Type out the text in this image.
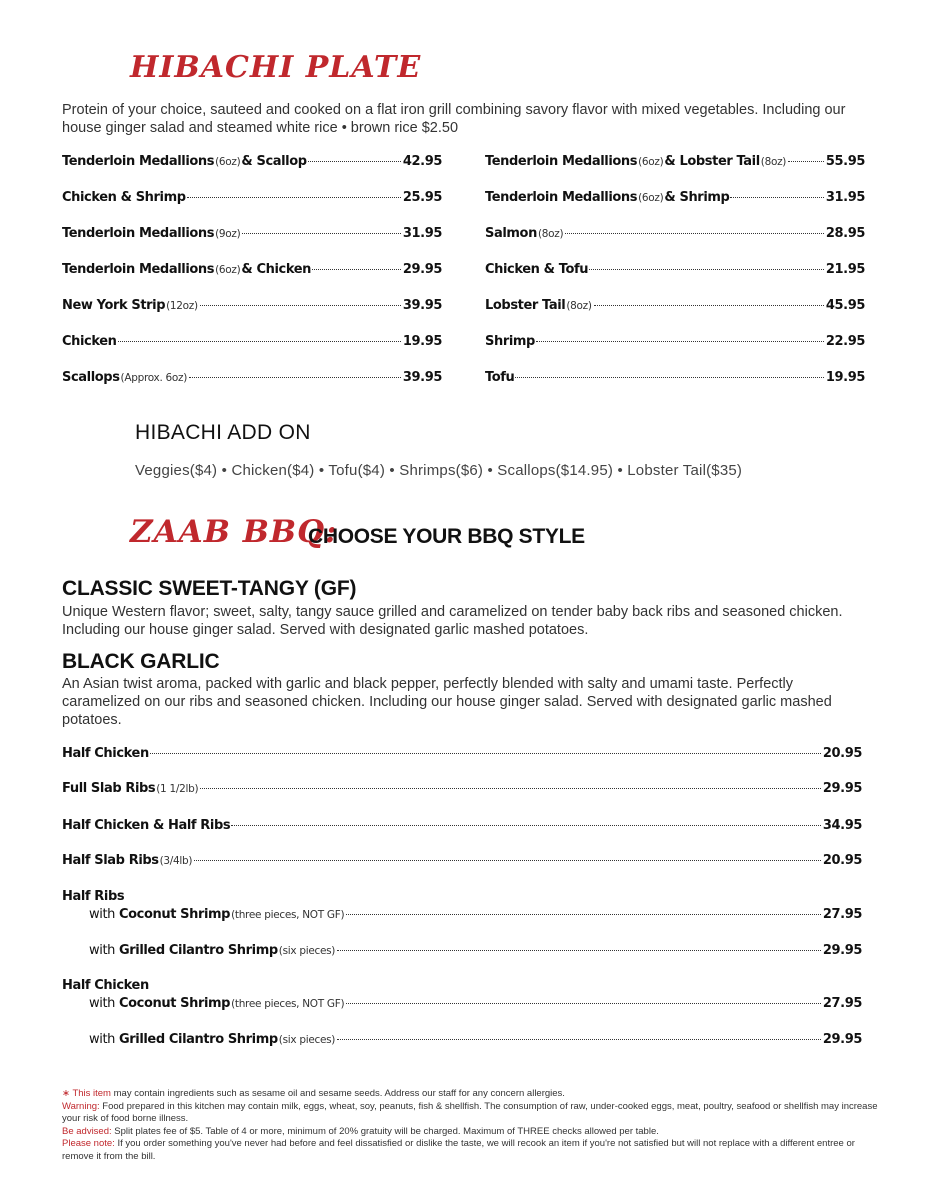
HIBACHI PLATE
Protein of your choice, sauteed and cooked on a flat iron grill combining savory flavor with mixed vegetables. Including our house ginger salad and steamed white rice • brown rice $2.50
Tenderloin Medallions (6oz) & Scallop	42.95
Chicken & Shrimp	25.95
Tenderloin Medallions (9oz)	31.95
Tenderloin Medallions (6oz) & Chicken	29.95
New York Strip (12oz)	39.95
Chicken	19.95
Scallops (Approx. 6oz)	39.95
Tenderloin Medallions (6oz) & Lobster Tail (8oz)	55.95
Tenderloin Medallions (6oz) & Shrimp	31.95
Salmon (8oz)	28.95
Chicken & Tofu	21.95
Lobster Tail (8oz)	45.95
Shrimp	22.95
Tofu	19.95
HIBACHI ADD ON
Veggies($4) • Chicken($4) • Tofu($4) • Shrimps($6) • Scallops($14.95) • Lobster Tail($35)
ZAAB BBQ:
CHOOSE YOUR BBQ STYLE
CLASSIC SWEET-TANGY (GF)
Unique Western flavor; sweet, salty, tangy sauce grilled and caramelized on tender baby back ribs and seasoned chicken. Including our house ginger salad. Served with designated garlic mashed potatoes.
BLACK GARLIC
An Asian twist aroma, packed with garlic and black pepper, perfectly blended with salty and umami taste. Perfectly caramelized on our ribs and seasoned chicken. Including our house ginger salad. Served with designated garlic mashed potatoes.
Half Chicken	20.95
Full Slab Ribs (1 1/2lb)	29.95
Half Chicken & Half Ribs	34.95
Half Slab Ribs (3/4lb)	20.95
Half Ribs
with Coconut Shrimp (three pieces, NOT GF)	27.95
with Grilled Cilantro Shrimp (six pieces)	29.95
Half Chicken
with Coconut Shrimp (three pieces, NOT GF)	27.95
with Grilled Cilantro Shrimp (six pieces)	29.95
∗ This item may contain ingredients such as sesame oil and sesame seeds. Address our staff for any concern allergies.
Warning: Food prepared in this kitchen may contain milk, eggs, wheat, soy, peanuts, fish & shellfish. The consumption of raw, under-cooked eggs, meat, poultry, seafood or shellfish may increase your risk of food borne illness.
Be advised: Split plates fee of $5. Table of 4 or more, minimum of 20% gratuity will be charged. Maximum of THREE checks allowed per table.
Please note: If you order something you've never had before and feel dissatisfied or dislike the taste, we will recook an item if you're not satisfied but will not replace with a different entree or remove it from the bill.
